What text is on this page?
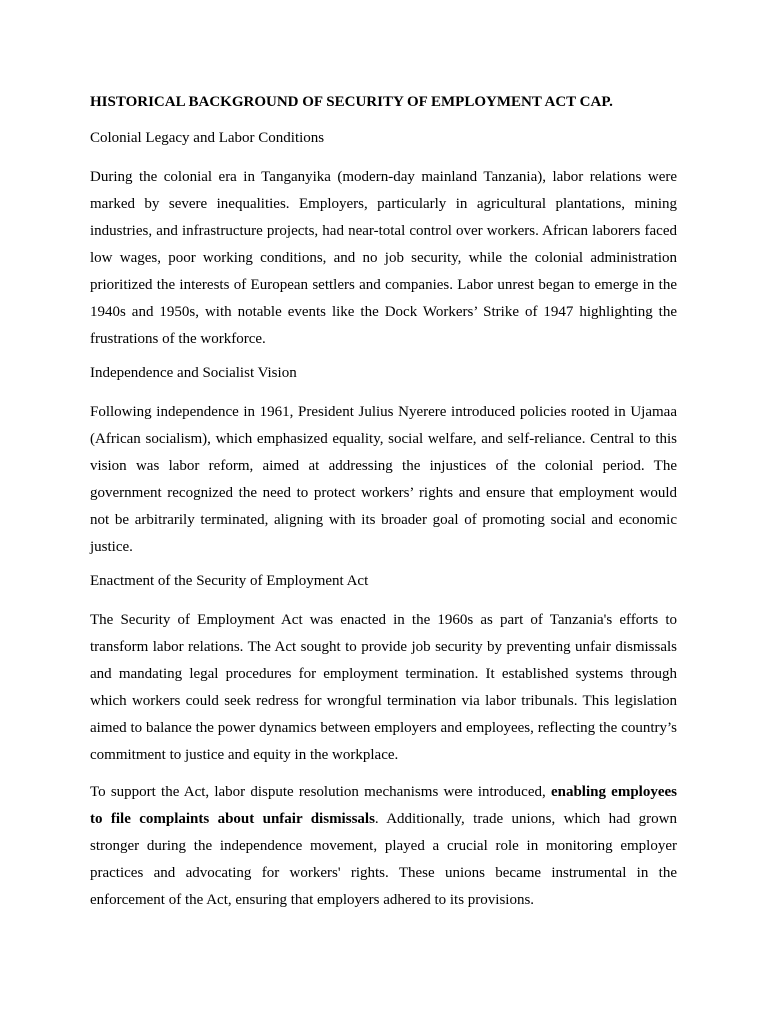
HISTORICAL BACKGROUND OF SECURITY OF EMPLOYMENT ACT CAP.
Colonial Legacy and Labor Conditions

During the colonial era in Tanganyika (modern-day mainland Tanzania), labor relations were marked by severe inequalities. Employers, particularly in agricultural plantations, mining industries, and infrastructure projects, had near-total control over workers. African laborers faced low wages, poor working conditions, and no job security, while the colonial administration prioritized the interests of European settlers and companies. Labor unrest began to emerge in the 1940s and 1950s, with notable events like the Dock Workers’ Strike of 1947 highlighting the frustrations of the workforce.

Independence and Socialist Vision

Following independence in 1961, President Julius Nyerere introduced policies rooted in Ujamaa (African socialism), which emphasized equality, social welfare, and self-reliance. Central to this vision was labor reform, aimed at addressing the injustices of the colonial period. The government recognized the need to protect workers’ rights and ensure that employment would not be arbitrarily terminated, aligning with its broader goal of promoting social and economic justice.

Enactment of the Security of Employment Act

The Security of Employment Act was enacted in the 1960s as part of Tanzania's efforts to transform labor relations. The Act sought to provide job security by preventing unfair dismissals and mandating legal procedures for employment termination. It established systems through which workers could seek redress for wrongful termination via labor tribunals. This legislation aimed to balance the power dynamics between employers and employees, reflecting the country’s commitment to justice and equity in the workplace.

To support the Act, labor dispute resolution mechanisms were introduced, enabling employees to file complaints about unfair dismissals. Additionally, trade unions, which had grown stronger during the independence movement, played a crucial role in monitoring employer practices and advocating for workers' rights. These unions became instrumental in the enforcement of the Act, ensuring that employers adhered to its provisions.
